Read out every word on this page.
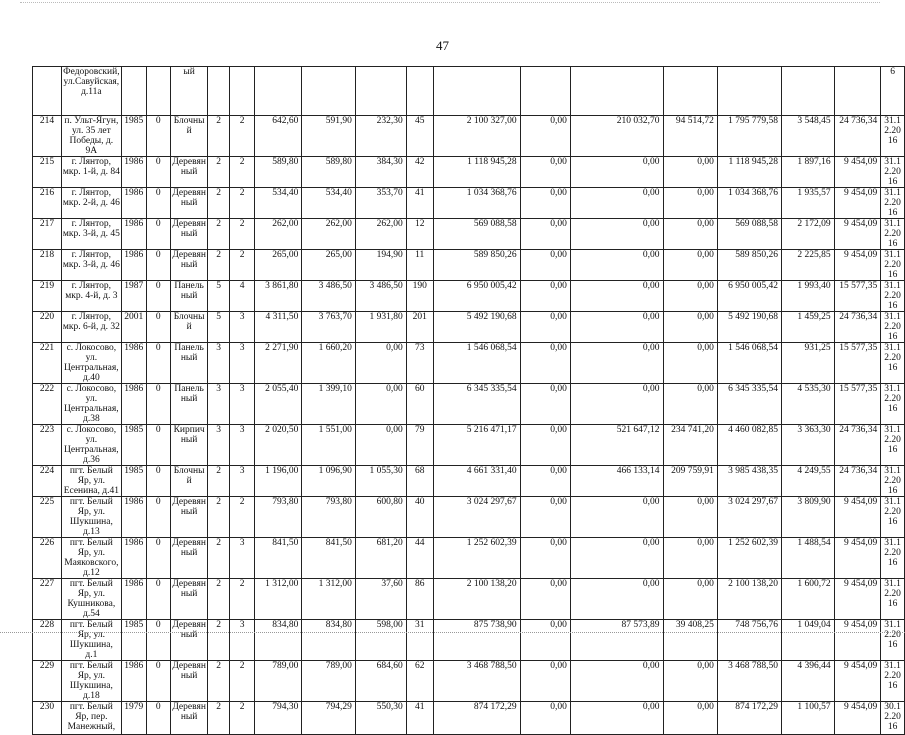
47
	Федоровский, ул.Савуйская, д.11а			ый														6
214	п. Ульт-Ягун, ул. 35 лет Победы, д. 9А	1985	0	Блочный	2	2	642,60	591,90	232,30	45	2 100 327,00	0,00	210 032,70	94 514,72	1 795 779,58	3 548,45	24 736,34	31.12.2016
215	г. Лянтор, мкр. 1-й, д. 84	1986	0	Деревянный	2	2	589,80	589,80	384,30	42	1 118 945,28	0,00	0,00	0,00	1 118 945,28	1 897,16	9 454,09	31.12.2016
216	г. Лянтор, мкр. 2-й, д. 46	1986	0	Деревянный	2	2	534,40	534,40	353,70	41	1 034 368,76	0,00	0,00	0,00	1 034 368,76	1 935,57	9 454,09	31.12.2016
217	г. Лянтор, мкр. 3-й, д. 45	1986	0	Деревянный	2	2	262,00	262,00	262,00	12	569 088,58	0,00	0,00	0,00	569 088,58	2 172,09	9 454,09	31.12.2016
218	г. Лянтор, мкр. 3-й, д. 46	1986	0	Деревянный	2	2	265,00	265,00	194,90	11	589 850,26	0,00	0,00	0,00	589 850,26	2 225,85	9 454,09	31.12.2016
219	г. Лянтор, мкр. 4-й, д. 3	1987	0	Панельный	5	4	3 861,80	3 486,50	3 486,50	190	6 950 005,42	0,00	0,00	0,00	6 950 005,42	1 993,40	15 577,35	31.12.2016
220	г. Лянтор, мкр. 6-й, д. 32	2001	0	Блочный	5	3	4 311,50	3 763,70	1 931,80	201	5 492 190,68	0,00	0,00	0,00	5 492 190,68	1 459,25	24 736,34	31.12.2016
221	с. Локосово, ул. Центральная, д.40	1986	0	Панельный	3	3	2 271,90	1 660,20	0,00	73	1 546 068,54	0,00	0,00	0,00	1 546 068,54	931,25	15 577,35	31.12.2016
222	с. Локосово, ул. Центральная, д.38	1986	0	Панельный	3	3	2 055,40	1 399,10	0,00	60	6 345 335,54	0,00	0,00	0,00	6 345 335,54	4 535,30	15 577,35	31.12.2016
223	с. Локосово, ул. Центральная, д.36	1985	0	Кирпичный	3	3	2 020,50	1 551,00	0,00	79	5 216 471,17	0,00	521 647,12	234 741,20	4 460 082,85	3 363,30	24 736,34	31.12.2016
224	пгт. Белый Яр, ул. Есенина, д.41	1985	0	Блочный	2	3	1 196,00	1 096,90	1 055,30	68	4 661 331,40	0,00	466 133,14	209 759,91	3 985 438,35	4 249,55	24 736,34	31.12.2016
225	пгт. Белый Яр, ул. Шукшина, д.13	1986	0	Деревянный	2	2	793,80	793,80	600,80	40	3 024 297,67	0,00	0,00	0,00	3 024 297,67	3 809,90	9 454,09	31.12.2016
226	пгт. Белый Яр, ул. Маяковского, д.12	1986	0	Деревянный	2	3	841,50	841,50	681,20	44	1 252 602,39	0,00	0,00	0,00	1 252 602,39	1 488,54	9 454,09	31.12.2016
227	пгт. Белый Яр, ул. Кушникова, д.54	1986	0	Деревянный	2	2	1 312,00	1 312,00	37,60	86	2 100 138,20	0,00	0,00	0,00	2 100 138,20	1 600,72	9 454,09	31.12.2016
228	пгт. Белый Яр, ул. Шукшина, д.1	1985	0	Деревянный	2	3	834,80	834,80	598,00	31	875 738,90	0,00	87 573,89	39 408,25	748 756,76	1 049,04	9 454,09	31.12.2016
229	пгт. Белый Яр, ул. Шукшина, д.18	1986	0	Деревянный	2	2	789,00	789,00	684,60	62	3 468 788,50	0,00	0,00	0,00	3 468 788,50	4 396,44	9 454,09	31.12.2016
230	пгт. Белый Яр, пер. Манежный,	1979	0	Деревянный	2	2	794,30	794,29	550,30	41	874 172,29	0,00	0,00	0,00	874 172,29	1 100,57	9 454,09	30.12.2016
